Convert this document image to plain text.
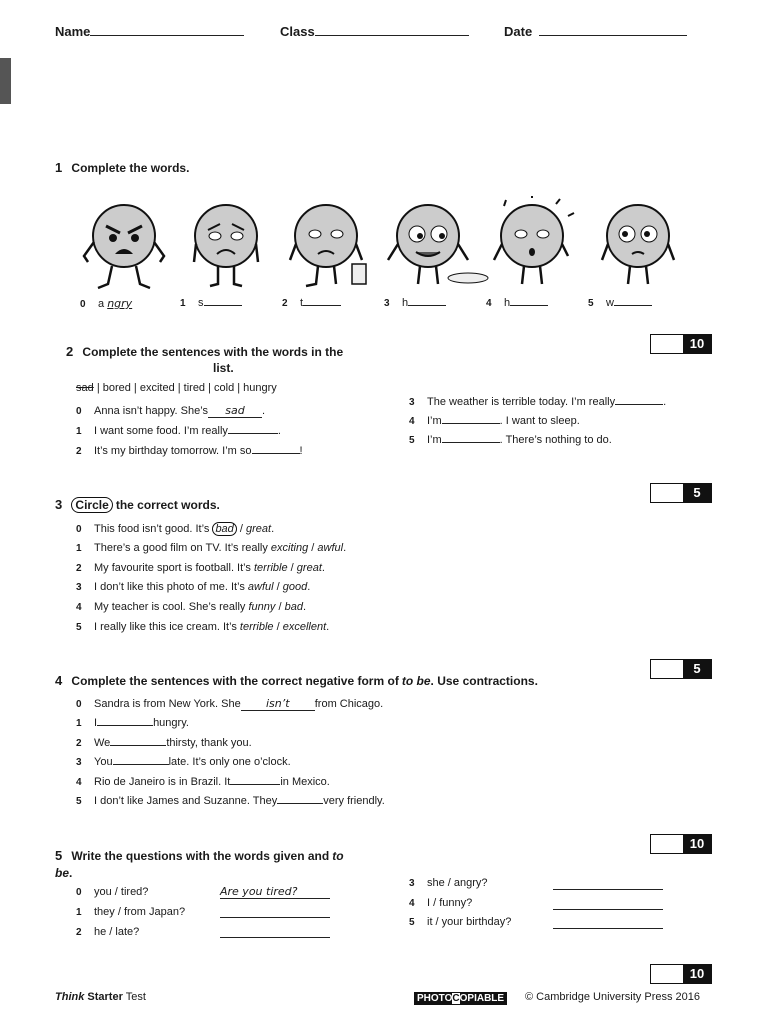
Name	Class	Date
1 Complete the words.
0 a ngry	1 s	2 t	3 h	4 h	5 w
10
2 Complete the sentences with the words in the
list.
sad | bored | excited | tired | cold | hungry
0 Anna isn’t happy. She’s sad .
1 I want some food. I’m really	.
2 It’s my birthday tomorrow. I’m so	!
3 The weather is terrible today. I’m really	.
4 I’m	. I want to sleep.
5 I’m	. There’s nothing to do.
5
3 Circle the correct words.
0 This food isn’t good. It’s bad / great.
1 There’s a good film on TV. It’s really exciting / awful.
2 My favourite sport is football. It’s terrible / great.
3 I don’t like this photo of me. It’s awful / good.
4 My teacher is cool. She’s really funny / bad.
5 I really like this ice cream. It’s terrible / excellent.
5
4 Complete the sentences with the correct negative form of to be. Use contractions.
0 Sandra is from New York. She isn’t from Chicago.
1 I	hungry.
2 We	thirsty, thank you.
3 You	late. It’s only one o’clock.
4 Rio de Janeiro is in Brazil. It	in Mexico.
5 I don’t like James and Suzanne. They	very friendly.
10
5 Write the questions with the words given and to
be.
0 you / tired?	Are you tired?
1 they / from Japan?
2 he / late?
3 she / angry?
4 I / funny?
5 it / your birthday?
10
Think Starter Test	PHOTOCOPIABLE © Cambridge University Press 2016
